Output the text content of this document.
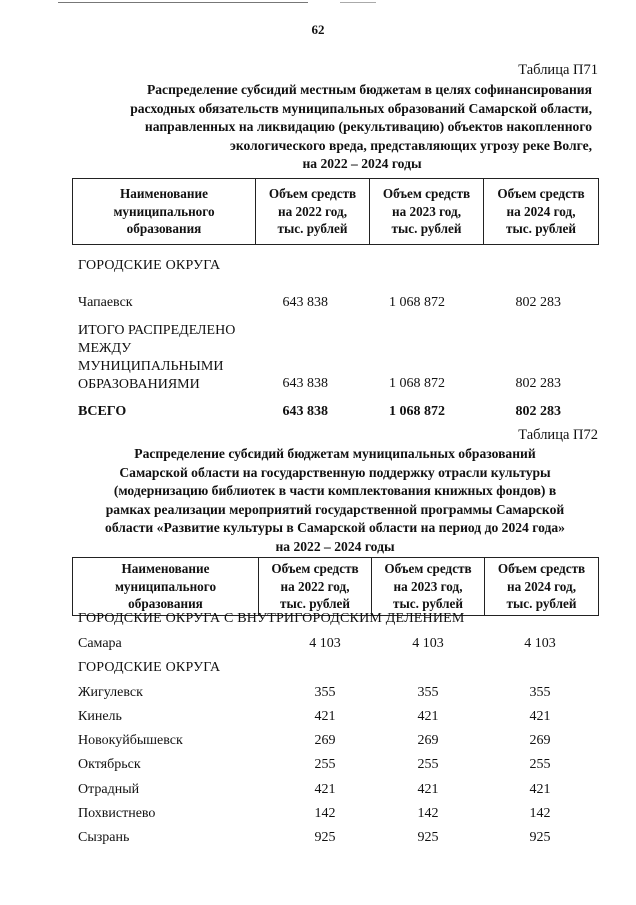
62
Таблица П71
Распределение субсидий местным бюджетам в целях софинансирования
расходных обязательств муниципальных образований Самарской области,
направленных на ликвидацию (рекультивацию) объектов накопленного
экологического вреда, представляющих угрозу реке Волге,
на 2022 – 2024 годы
Наименование
муниципального
образования

Объем средств
на 2022 год,
тыс. рублей

Объем средств
на 2023 год,
тыс. рублей

Объем средств
на 2024 год,
тыс. рублей
ГОРОДСКИЕ ОКРУГА
Чапаевск	643 838	1 068 872	802 283
ИТОГО РАСПРЕДЕЛЕНО
МЕЖДУ
МУНИЦИПАЛЬНЫМИ
ОБРАЗОВАНИЯМИ	643 838	1 068 872	802 283
ВСЕГО	643 838	1 068 872	802 283
Таблица П72
Распределение субсидий бюджетам муниципальных образований
Самарской области на государственную поддержку отрасли культуры
(модернизацию библиотек в части комплектования книжных фондов) в
рамках реализации мероприятий государственной программы Самарской
области «Развитие культуры в Самарской области на период до 2024 года»
на 2022 – 2024 годы
Наименование
муниципального
образования

Объем средств
на 2022 год,
тыс. рублей

Объем средств
на 2023 год,
тыс. рублей

Объем средств
на 2024 год,
тыс. рублей
ГОРОДСКИЕ ОКРУГА С ВНУТРИГОРОДСКИМ ДЕЛЕНИЕМ
Самара	4 103	4 103	4 103
ГОРОДСКИЕ ОКРУГА
Жигулевск	355	355	355
Кинель	421	421	421
Новокуйбышевск	269	269	269
Октябрьск	255	255	255
Отрадный	421	421	421
Похвистнево	142	142	142
Сызрань	925	925	925
